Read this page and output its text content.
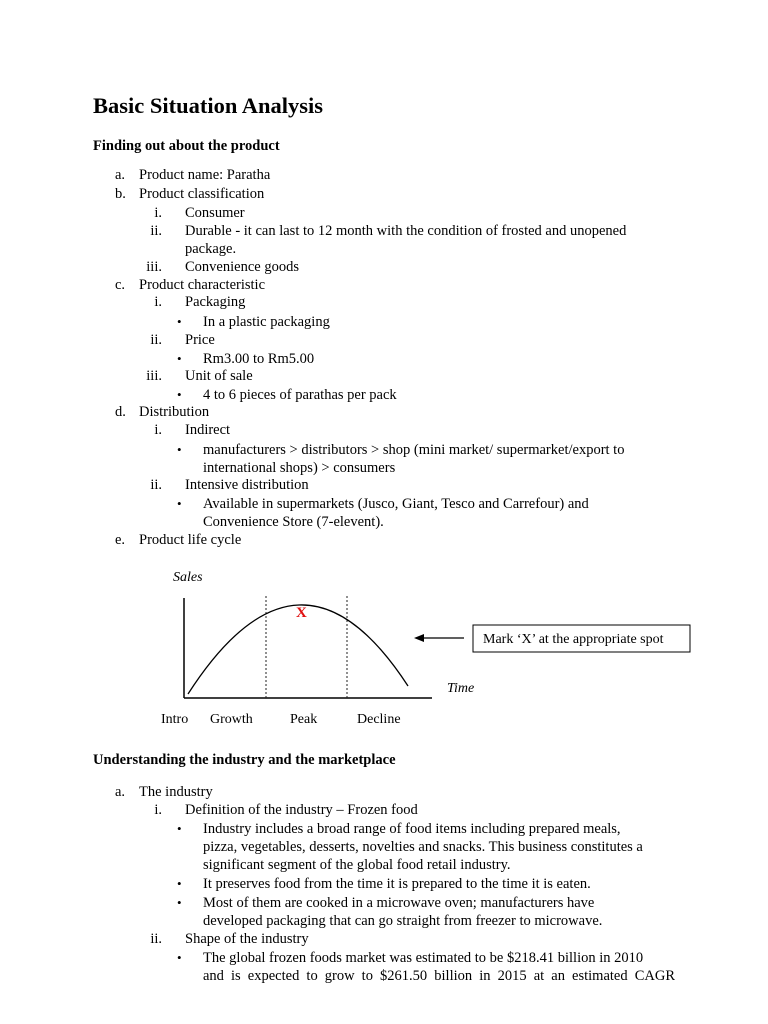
Basic Situation Analysis
Finding out about the product
a. Product name: Paratha
b. Product classification
i. Consumer
ii. Durable - it can last to 12 month with the condition of frosted and unopened
package.
iii. Convenience goods
c. Product characteristic
i. Packaging
• In a plastic packaging
ii. Price
• Rm3.00 to Rm5.00
iii. Unit of sale
• 4 to 6 pieces of parathas per pack
d. Distribution
i. Indirect
• manufacturers > distributors > shop (mini market/ supermarket/export to
international shops) > consumers
ii. Intensive distribution
• Available in supermarkets (Jusco, Giant, Tesco and Carrefour) and
Convenience Store (7-elevent).
e. Product life cycle
Sales
X
Intro Growth	Peak	Decline
Time
Mark ‘X’ at the appropriate spot
Understanding the industry and the marketplace
a. The industry
i. Definition of the industry – Frozen food
• Industry includes a broad range of food items including prepared meals,
pizza, vegetables, desserts, novelties and snacks. This business constitutes a
significant segment of the global food retail industry.
• It preserves food from the time it is prepared to the time it is eaten.
• Most of them are cooked in a microwave oven; manufacturers have
developed packaging that can go straight from freezer to microwave.
ii. Shape of the industry
• The global frozen foods market was estimated to be $218.41 billion in 2010
and is expected to grow to $261.50 billion in 2015 at an estimated CAGR
